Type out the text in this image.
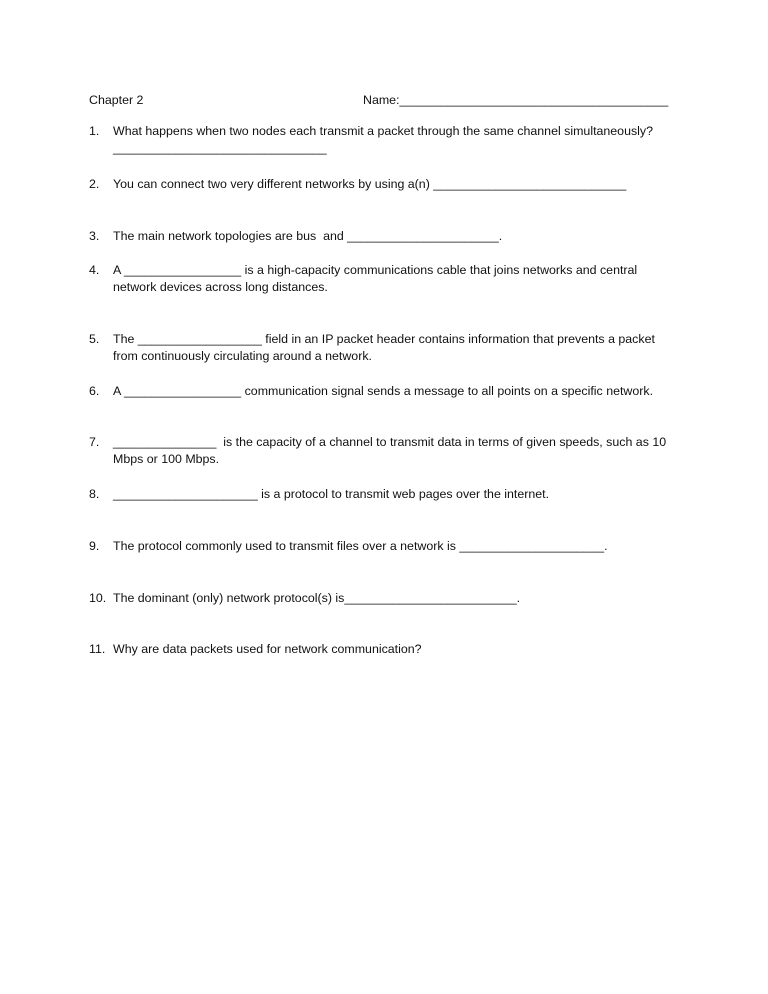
Chapter 2	Name:_______________________________________
1.	What happens when two nodes each transmit a packet through the same channel simultaneously?
_______________________________
2.	You can connect two very different networks by using a(n) ____________________________
3.	The main network topologies are bus  and ______________________.
4.	A _________________ is a high-capacity communications cable that joins networks and central network devices across long distances.
5.	The __________________ field in an IP packet header contains information that prevents a packet from continuously circulating around a network.
6.	A _________________ communication signal sends a message to all points on a specific network.
7.	_______________  is the capacity of a channel to transmit data in terms of given speeds, such as 10 Mbps or 100 Mbps.
8.	_____________________ is a protocol to transmit web pages over the internet.
9.	The protocol commonly used to transmit files over a network is _____________________.
10. The dominant (only) network protocol(s) is_________________________.
11. Why are data packets used for network communication?
